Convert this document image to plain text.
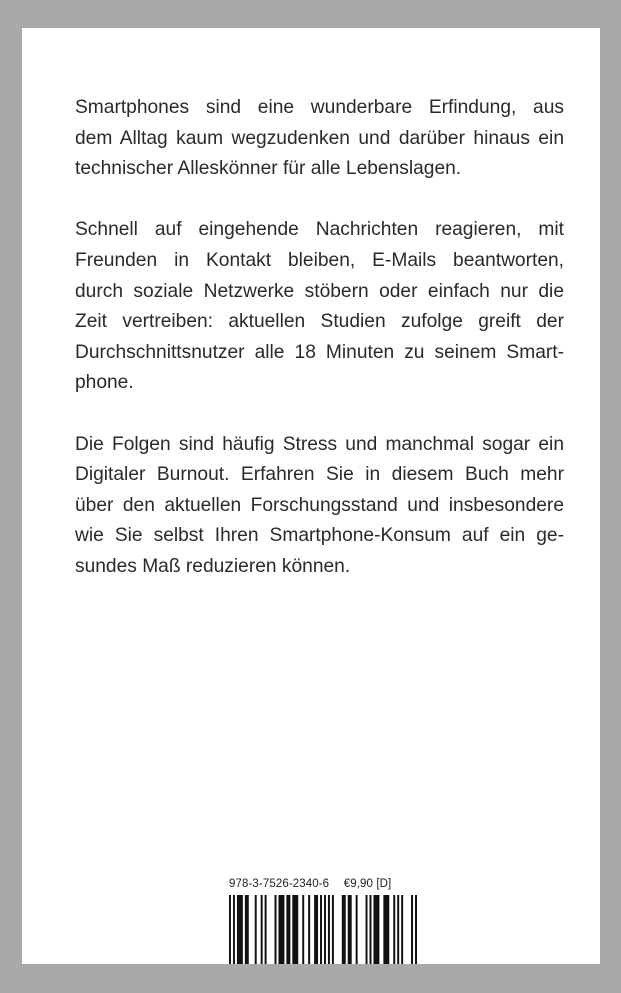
Smartphones sind eine wunderbare Erfindung, aus
dem Alltag kaum wegzudenken und darüber hinaus ein
technischer Alleskönner für alle Lebenslagen.

Schnell auf eingehende Nachrichten reagieren, mit
Freunden in Kontakt bleiben, E-Mails beantworten,
durch soziale Netzwerke stöbern oder einfach nur die
Zeit vertreiben: aktuellen Studien zufolge greift der
Durchschnittsnutzer alle 18 Minuten zu seinem Smart-
phone.

Die Folgen sind häufig Stress und manchmal sogar ein
Digitaler Burnout. Erfahren Sie in diesem Buch mehr
über den aktuellen Forschungsstand und insbesondere
wie Sie selbst Ihren Smartphone-Konsum auf ein ge-
sundes Maß reduzieren können.

978-3-7526-2340-6 €9,90 [D]
